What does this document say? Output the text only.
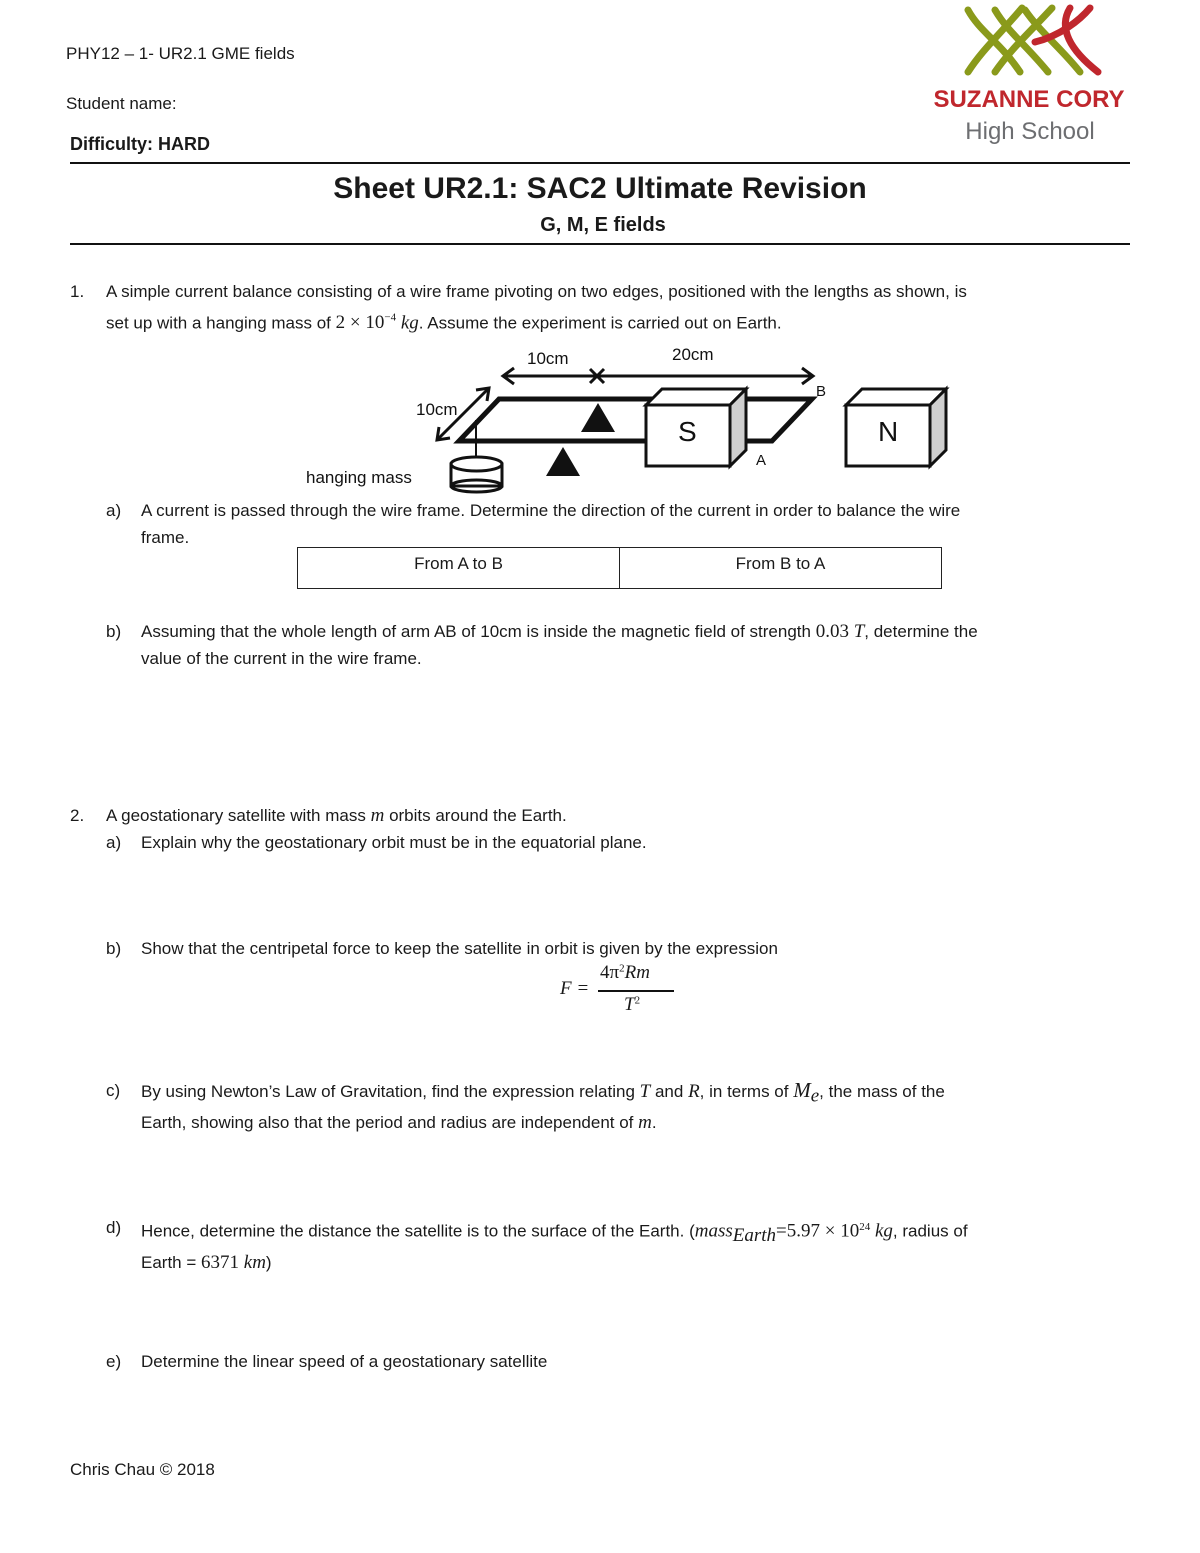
PHY12 – 1- UR2.1 GME fields
Student name:
Difficulty: HARD
SUZANNE CORY
High School
Sheet UR2.1: SAC2 Ultimate Revision
G, M, E fields
1. A simple current balance consisting of a wire frame pivoting on two edges, positioned with the lengths as shown, is
set up with a hanging mass of $2 \times 10^{-4}$ kg. Assume the experiment is carried out on Earth.
10cm	20cm
10cm
B
A
S	N
hanging mass
a) A current is passed through the wire frame. Determine the direction of the current in order to balance the wire
frame.
From A to B	From B to A
b) Assuming that the whole length of arm AB of 10cm is inside the magnetic field of strength 0.03 T, determine the
value of the current in the wire frame.
2. A geostationary satellite with mass m orbits around the Earth.
a) Explain why the geostationary orbit must be in the equatorial plane.
b) Show that the centripetal force to keep the satellite in orbit is given by the expression
F =
$4\pi^2Rm$
$T^2$
c) By using Newton’s Law of Gravitation, find the expression relating T and R, in terms of $M_e$, the mass of the
Earth, showing also that the period and radius are independent of m.
d) Hence, determine the distance the satellite is to the surface of the Earth. (mass$_{Earth}$=5.97 × $10^{24}$ kg, radius of
Earth = 6371 km)
e) Determine the linear speed of a geostationary satellite
Chris Chau © 2018
